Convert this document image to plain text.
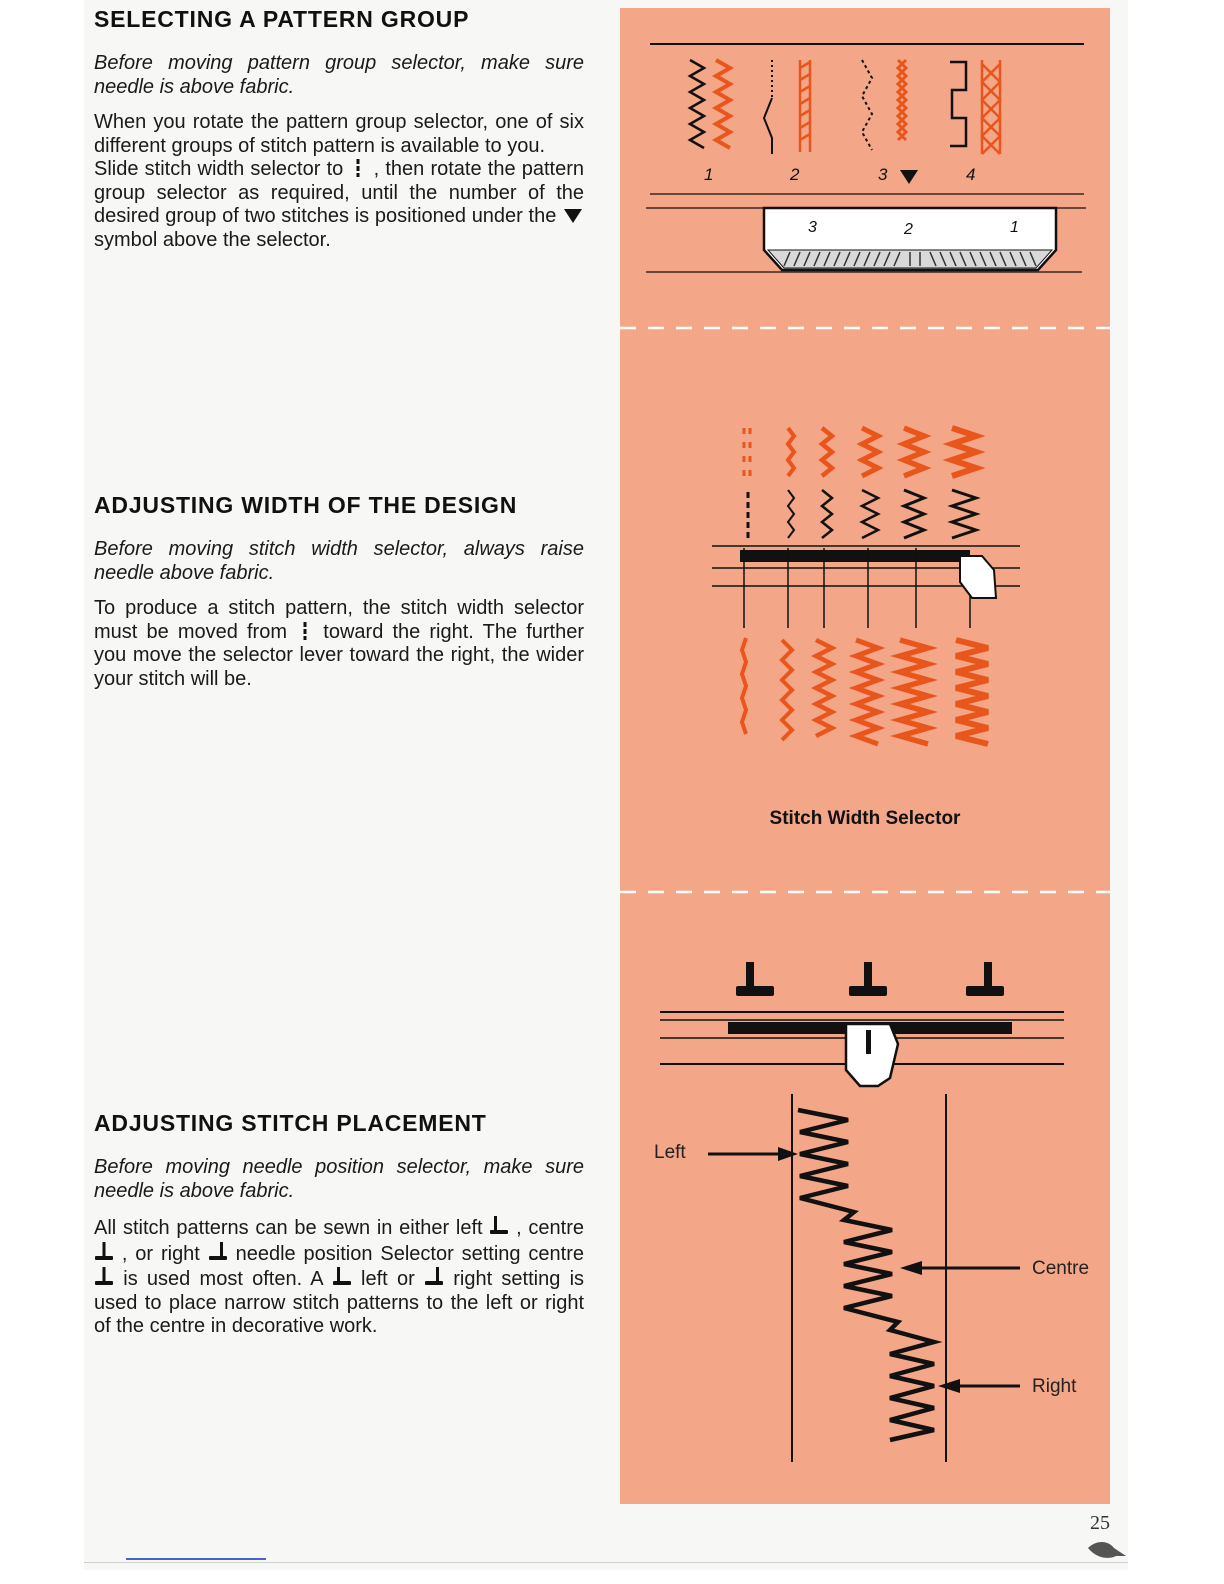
SELECTING A PATTERN GROUP
Before moving pattern group selector, make sure needle is above fabric.
When you rotate the pattern group selector, one of six different groups of stitch pattern is available to you.
Slide stitch width selector to , then rotate the pattern group selector as required, until the number of the desired group of two stitches is positioned under the  symbol above the selector.
ADJUSTING WIDTH OF THE DESIGN
Before moving stitch width selector, always raise needle above fabric.
To produce a stitch pattern, the stitch width selector must be moved from toward the right. The further you move the selector lever toward the right, the wider your stitch will be.
ADJUSTING STITCH PLACEMENT
Before moving needle position selector, make sure needle is above fabric.
All stitch patterns can be sewn in either left , centre  , or right needle position Selector setting centre  is used most often. A left or right setting is used to place narrow stitch patterns to the left or right of the centre in decorative work.
1	2	3	4
3	2	1
Stitch Width Selector
Left
Centre
Right
25
